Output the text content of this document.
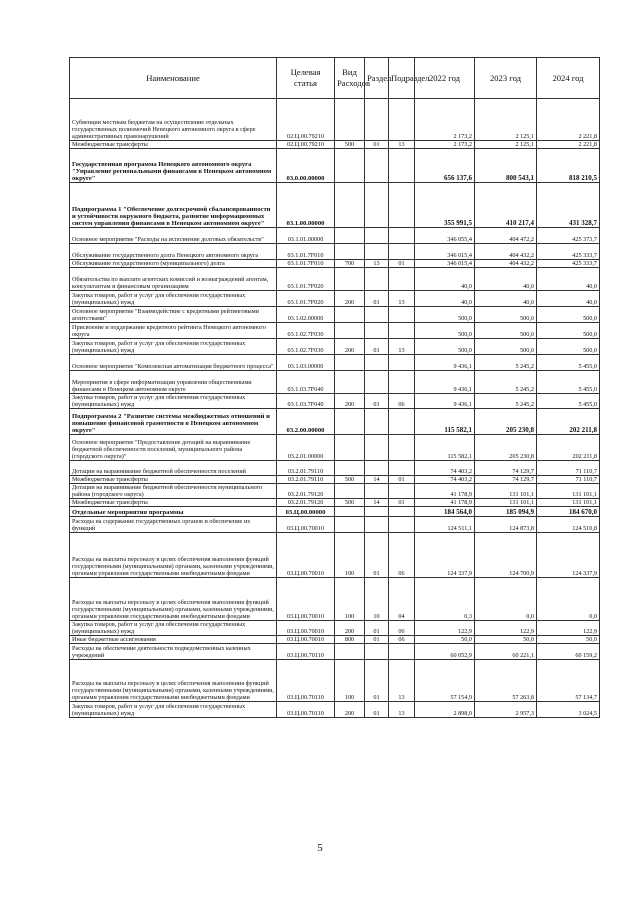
Наименование	Целевая статья	Вид Расходов	Раздел	Подраздел	2022 год	2023 год	2024 год
Субвенции местным бюджетам на осуществление отдельных государственных полномочий Ненецкого автономного округа в сфере административных правонарушений	02.Ц.00.79210				2 173,2	2 125,1	2 221,8
Межбюджетные трансферты	02.Ц.00.79210	500	01	13	2 173,2	2 125,1	2 221,8
Государственная программа Ненецкого автономного округа "Управление региональными финансами в Ненецком автономном округе"	03.0.00.00000				656 137,6	800 543,1	818 210,5
Подпрограмма 1 "Обеспечение долгосрочной сбалансированности и устойчивости окружного бюджета, развитие информационных систем управления финансами в Ненецком автономном округе"	03.1.00.00000				355 991,5	410 217,4	431 328,7
Основное мероприятие "Расходы на исполнение долговых обязательств"	03.1.01.00000				346 055,4	404 472,2	425 373,7
Обслуживание государственного долга Ненецкого автономного округа	03.1.01.7F010				346 015,4	404 432,2	425 333,7
Обслуживание государственного (муниципального) долга	03.1.01.7F010	700	13	01	346 015,4	404 432,2	425 333,7
Обязательства по выплате агентских комиссий и вознаграждений агентам, консультантам и финансовым организациям	03.1.01.7F020				40,0	40,0	40,0
Закупка товаров, работ и услуг для обеспечения государственных (муниципальных) нужд	03.1.01.7F020	200	01	13	40,0	40,0	40,0
Основное мероприятие "Взаимодействие с кредитными рейтинговыми агентствами"	03.1.02.00000				500,0	500,0	500,0
Присвоение и поддержание кредитного рейтинга Ненецкого автономного округа	03.1.02.7F030				500,0	500,0	500,0
Закупка товаров, работ и услуг для обеспечения государственных (муниципальных) нужд	03.1.02.7F030	200	01	13	500,0	500,0	500,0
Основное мероприятие "Комплексная автоматизация бюджетного процесса"	03.1.03.00000				9 436,1	5 245,2	5 455,0
Мероприятия в сфере информатизации управления общественными финансами в Ненецком автономном округе	03.1.03.7F040				9 436,1	5 245,2	5 455,0
Закупка товаров, работ и услуг для обеспечения государственных (муниципальных) нужд	03.1.03.7F040	200	01	06	9 436,1	5 245,2	5 455,0
Подпрограмма 2 "Развитие системы межбюджетных отношений и повышение финансовой грамотности в Ненецком автономном округе"	03.2.00.00000				115 582,1	205 230,8	202 211,8
Основное мероприятие "Предоставление дотаций на выравнивание бюджетной обеспеченности поселений, муниципального района (городского округа)"	03.2.01.00000				115 582,1	205 230,8	202 211,8
Дотации на выравнивание бюджетной обеспеченности поселений	03.2.01.79110				74 403,2	74 129,7	71 110,7
Межбюджетные трансферты	03.2.01.79110	500	14	01	74 403,2	74 129,7	71 110,7
Дотации на выравнивание бюджетной обеспеченности муниципального района (городского округа)	03.2.01.79120				41 178,9	131 101,1	131 101,1
Межбюджетные трансферты	03.2.01.79120	500	14	01	41 178,9	131 101,1	131 101,1
Отдельные мероприятия программы	03.Ц.00.00000				184 564,0	185 094,9	184 670,0
Расходы на содержание государственных органов и обеспечение их функций	03.Ц.00.70010				124 511,1	124 873,8	124 510,8
Расходы на выплаты персоналу в целях обеспечения выполнения функций государственными (муниципальными) органами, казенными учреждениями, органами управления государственными внебюджетными фондами	03.Ц.00.70010	100	01	06	124 337,9	124 700,9	124 337,9
Расходы на выплаты персоналу в целях обеспечения выполнения функций государственными (муниципальными) органами, казенными учреждениями, органами управления государственными внебюджетными фондами	03.Ц.00.70010	100	10	04	0,3	0,0	0,0
Закупка товаров, работ и услуг для обеспечения государственных (муниципальных) нужд	03.Ц.00.70010	200	01	06	122,9	122,9	122,9
Иные бюджетные ассигнования	03.Ц.00.70010	800	01	06	50,0	50,0	50,0
Расходы на обеспечение деятельности подведомственных казенных учреждений	03.Ц.00.70110				60 052,9	60 221,1	60 159,2
Расходы на выплаты персоналу в целях обеспечения выполнения функций государственными (муниципальными) органами, казенными учреждениями, органами управления государственными внебюджетными фондами	03.Ц.00.70110	100	01	13	57 154,9	57 263,8	57 134,7
Закупка товаров, работ и услуг для обеспечения государственных (муниципальных) нужд	03.Ц.00.70110	200	01	13	2 898,0	2 957,3	3 024,5
5
